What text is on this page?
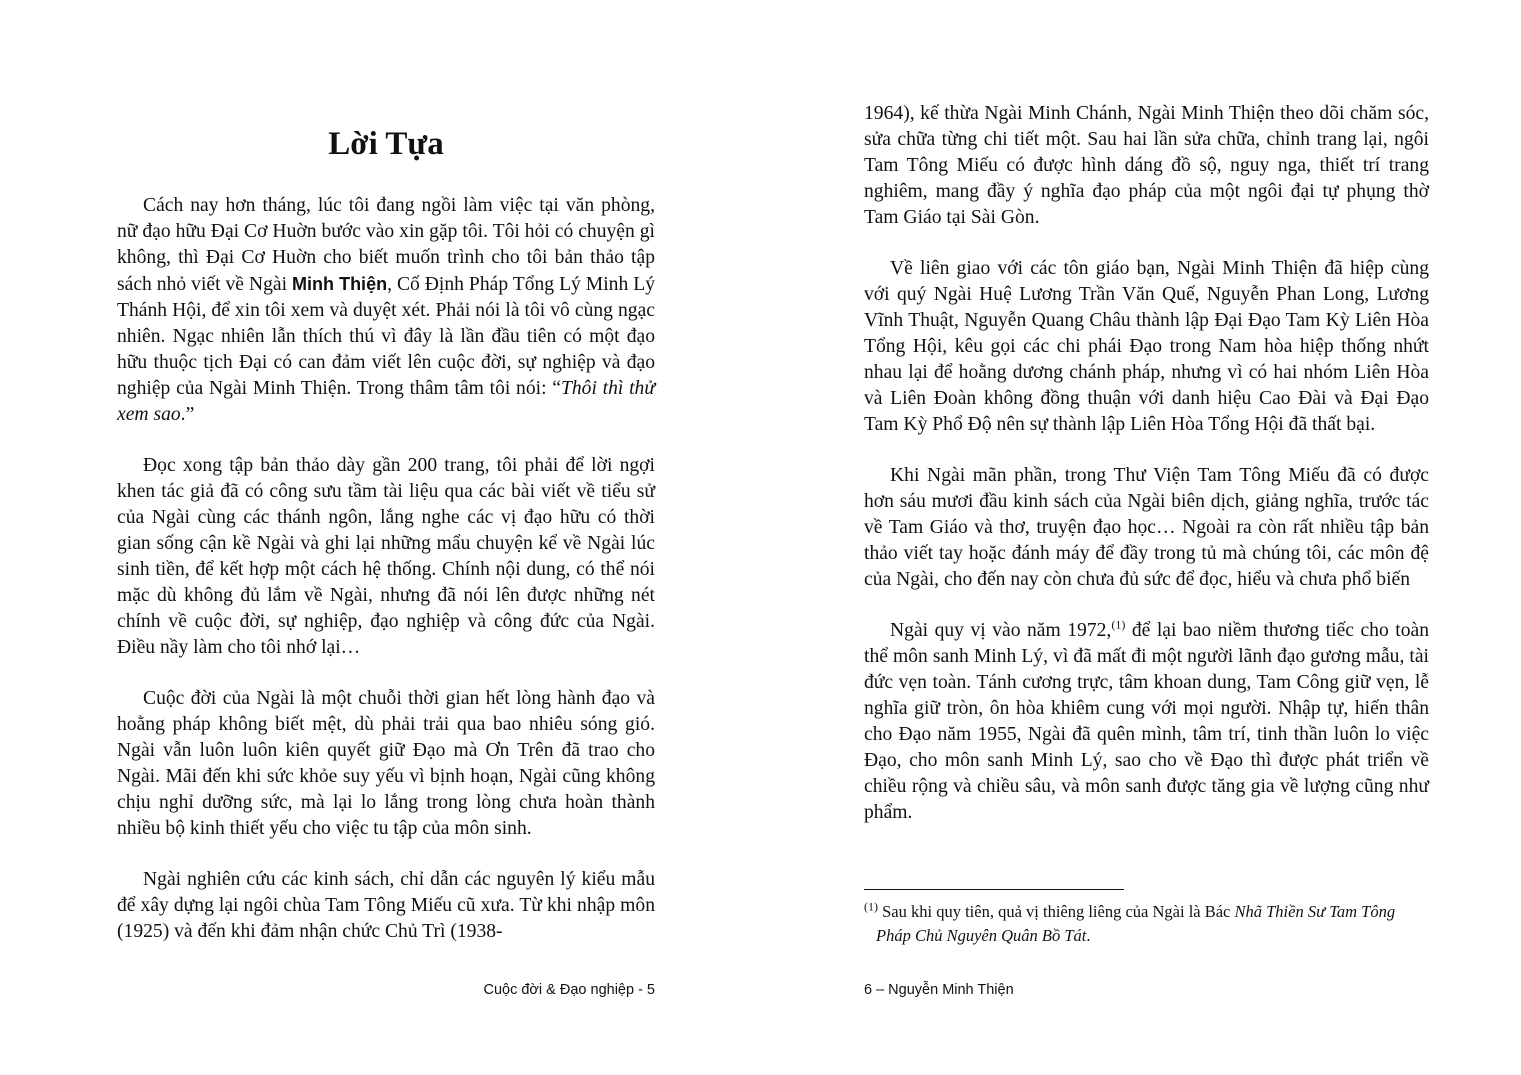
Lời Tựa

Cách nay hơn tháng, lúc tôi đang ngồi làm việc tại văn phòng, nữ đạo hữu Đại Cơ Huờn bước vào xin gặp tôi. Tôi hỏi có chuyện gì không, thì Đại Cơ Huờn cho biết muốn trình cho tôi bản thảo tập sách nhỏ viết về Ngài Minh Thiện, Cố Định Pháp Tổng Lý Minh Lý Thánh Hội, để xin tôi xem và duyệt xét. Phải nói là tôi vô cùng ngạc nhiên. Ngạc nhiên lẫn thích thú vì đây là lần đầu tiên có một đạo hữu thuộc tịch Đại có can đảm viết lên cuộc đời, sự nghiệp và đạo nghiệp của Ngài Minh Thiện. Trong thâm tâm tôi nói: “Thôi thì thử xem sao.”

Đọc xong tập bản thảo dày gần 200 trang, tôi phải để lời ngợi khen tác giả đã có công sưu tầm tài liệu qua các bài viết về tiểu sử của Ngài cùng các thánh ngôn, lắng nghe các vị đạo hữu có thời gian sống cận kề Ngài và ghi lại những mẩu chuyện kể về Ngài lúc sinh tiền, để kết hợp một cách hệ thống. Chính nội dung, có thể nói mặc dù không đủ lắm về Ngài, nhưng đã nói lên được những nét chính về cuộc đời, sự nghiệp, đạo nghiệp và công đức của Ngài. Điều nầy làm cho tôi nhớ lại…

Cuộc đời của Ngài là một chuỗi thời gian hết lòng hành đạo và hoằng pháp không biết mệt, dù phải trải qua bao nhiêu sóng gió. Ngài vẫn luôn luôn kiên quyết giữ Đạo mà Ơn Trên đã trao cho Ngài. Mãi đến khi sức khỏe suy yếu vì bịnh hoạn, Ngài cũng không chịu nghỉ dưỡng sức, mà lại lo lắng trong lòng chưa hoàn thành nhiều bộ kinh thiết yếu cho việc tu tập của môn sinh.

Ngài nghiên cứu các kinh sách, chỉ dẫn các nguyên lý kiểu mẫu để xây dựng lại ngôi chùa Tam Tông Miếu cũ xưa. Từ khi nhập môn (1925) và đến khi đảm nhận chức Chủ Trì (1938-

Cuộc đời & Đạo nghiệp - 5

1964), kế thừa Ngài Minh Chánh, Ngài Minh Thiện theo dõi chăm sóc, sửa chữa từng chi tiết một. Sau hai lần sửa chữa, chỉnh trang lại, ngôi Tam Tông Miếu có được hình dáng đồ sộ, nguy nga, thiết trí trang nghiêm, mang đầy ý nghĩa đạo pháp của một ngôi đại tự phụng thờ Tam Giáo tại Sài Gòn.

Về liên giao với các tôn giáo bạn, Ngài Minh Thiện đã hiệp cùng với quý Ngài Huệ Lương Trần Văn Quế, Nguyễn Phan Long, Lương Vĩnh Thuật, Nguyễn Quang Châu thành lập Đại Đạo Tam Kỳ Liên Hòa Tổng Hội, kêu gọi các chi phái Đạo trong Nam hòa hiệp thống nhứt nhau lại để hoằng dương chánh pháp, nhưng vì có hai nhóm Liên Hòa và Liên Đoàn không đồng thuận với danh hiệu Cao Đài và Đại Đạo Tam Kỳ Phổ Độ nên sự thành lập Liên Hòa Tổng Hội đã thất bại.

Khi Ngài mãn phần, trong Thư Viện Tam Tông Miếu đã có được hơn sáu mươi đầu kinh sách của Ngài biên dịch, giảng nghĩa, trước tác về Tam Giáo và thơ, truyện đạo học… Ngoài ra còn rất nhiều tập bản thảo viết tay hoặc đánh máy để đầy trong tủ mà chúng tôi, các môn đệ của Ngài, cho đến nay còn chưa đủ sức để đọc, hiểu và chưa phổ biến

Ngài quy vị vào năm 1972,$^{(1)}$ để lại bao niềm thương tiếc cho toàn thể môn sanh Minh Lý, vì đã mất đi một người lãnh đạo gương mẫu, tài đức vẹn toàn. Tánh cương trực, tâm khoan dung, Tam Công giữ vẹn, lễ nghĩa giữ tròn, ôn hòa khiêm cung với mọi người. Nhập tự, hiến thân cho Đạo năm 1955, Ngài đã quên mình, tâm trí, tinh thần luôn lo việc Đạo, cho môn sanh Minh Lý, sao cho về Đạo thì được phát triển về chiều rộng và chiều sâu, và môn sanh được tăng gia về lượng cũng như phẩm.

$^{(1)}$ Sau khi quy tiên, quả vị thiêng liêng của Ngài là Bác Nhã Thiền Sư Tam Tông Pháp Chủ Nguyên Quân Bồ Tát.

6 – Nguyễn Minh Thiện
